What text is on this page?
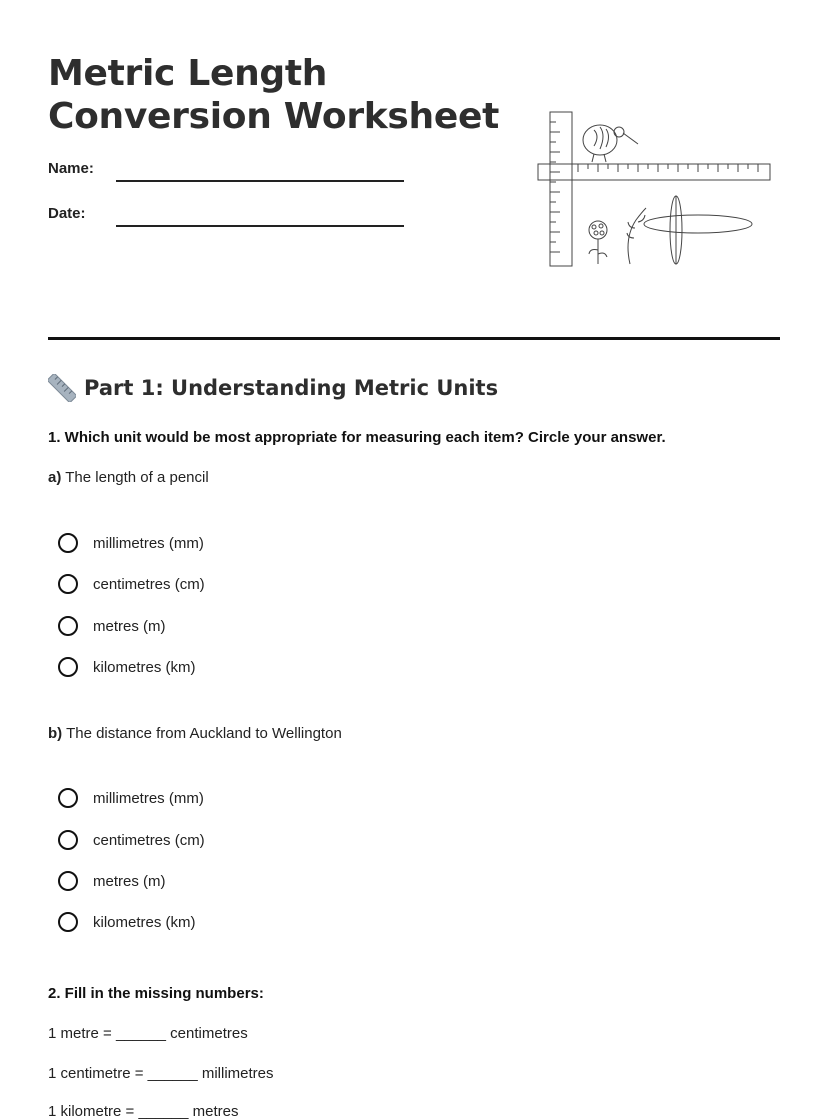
Metric Length
Conversion Worksheet
Name:
Date:
Part 1: Understanding Metric Units
1. Which unit would be most appropriate for measuring each item? Circle your answer.
a) The length of a pencil
millimetres (mm)
centimetres (cm)
metres (m)
kilometres (km)
b) The distance from Auckland to Wellington
millimetres (mm)
centimetres (cm)
metres (m)
kilometres (km)
2. Fill in the missing numbers:
1 metre = ______ centimetres
1 centimetre = ______ millimetres
1 kilometre = ______ metres
